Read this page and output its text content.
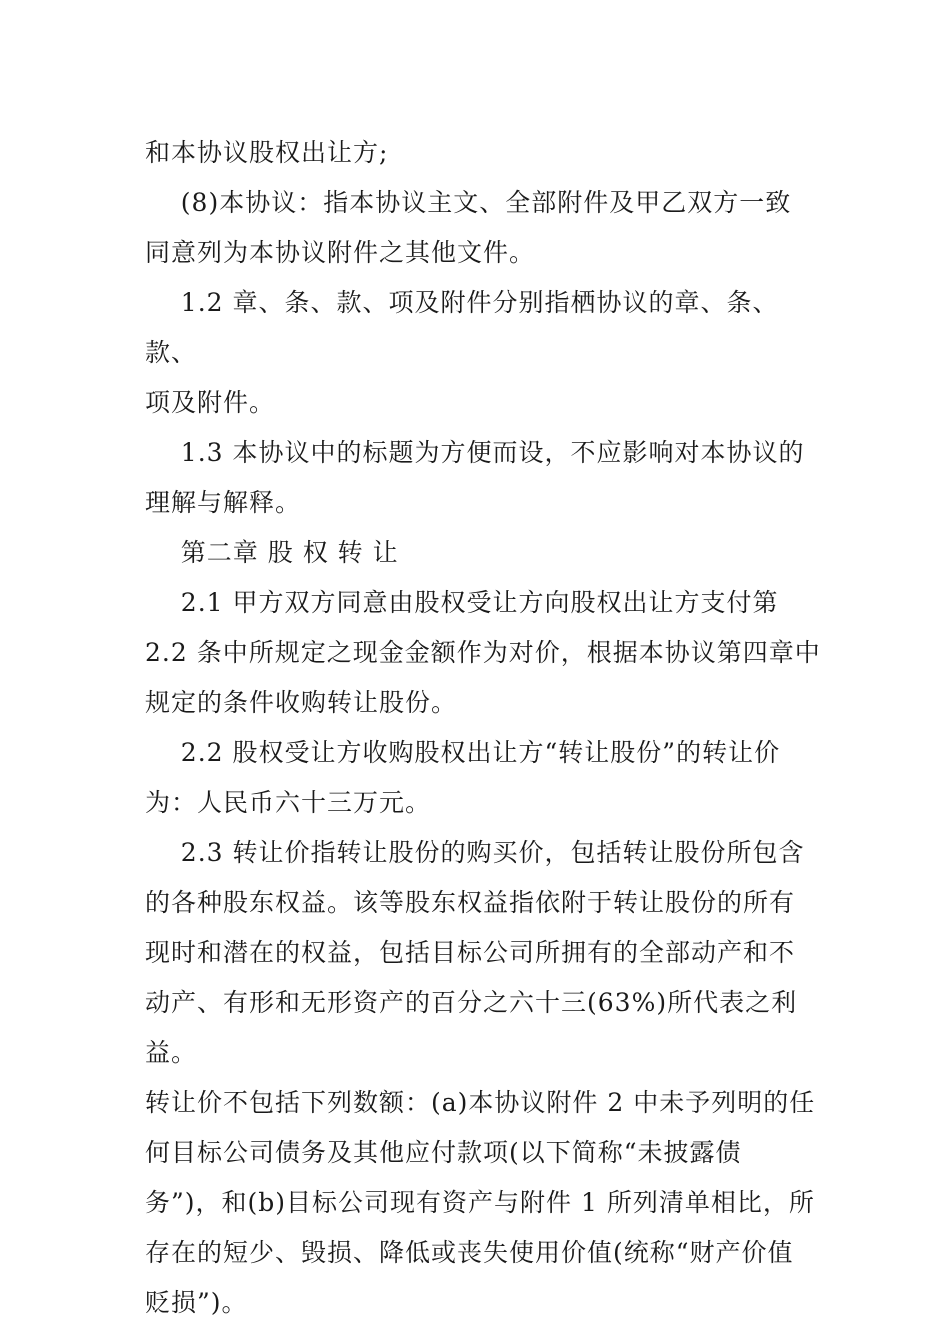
和本协议股权出让方;

(8)本协议：指本协议主文、全部附件及甲乙双方一致

同意列为本协议附件之其他文件。

1.2 章、条、款、项及附件分别指栖协议的章、条、款、

项及附件。

1.3 本协议中的标题为方便而设，不应影响对本协议的

理解与解释。

第二章 股 权 转 让

2.1 甲方双方同意由股权受让方向股权出让方支付第

2.2 条中所规定之现金金额作为对价，根据本协议第四章中

规定的条件收购转让股份。

2.2 股权受让方收购股权出让方“转让股份”的转让价

为：人民币六十三万元。

2.3 转让价指转让股份的购买价，包括转让股份所包含

的各种股东权益。该等股东权益指依附于转让股份的所有

现时和潜在的权益，包括目标公司所拥有的全部动产和不

动产、有形和无形资产的百分之六十三(63%)所代表之利益。

转让价不包括下列数额：(a)本协议附件 2 中未予列明的任

何目标公司债务及其他应付款项(以下简称“未披露债

务”)，和(b)目标公司现有资产与附件 1 所列清单相比，所

存在的短少、毁损、降低或丧失使用价值(统称“财产价值

贬损”)。
